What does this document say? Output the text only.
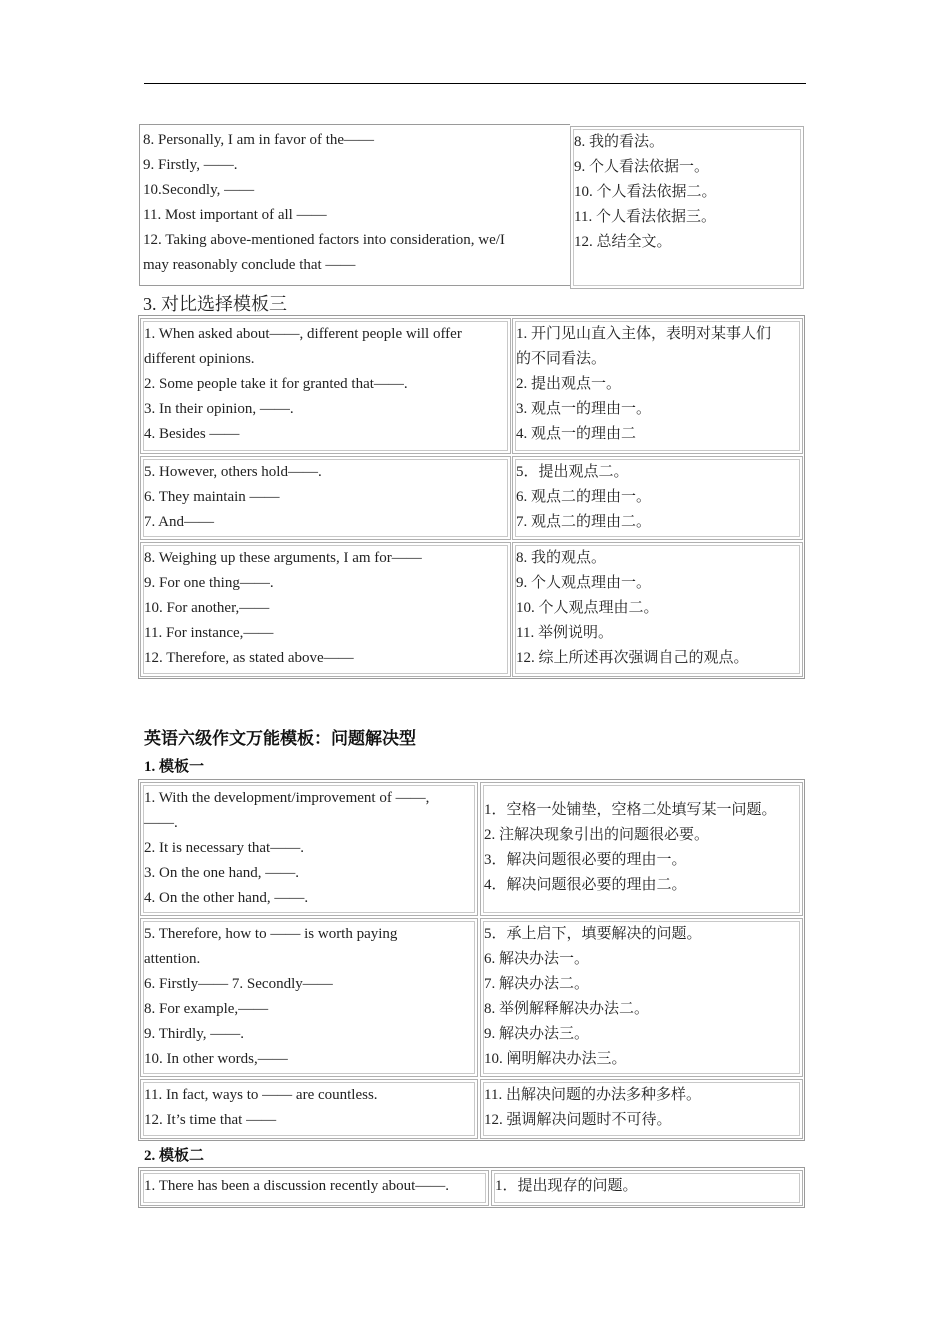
8. Personally, I am in favor of the——
9. Firstly, ——.
10.Secondly, ——
11. Most important of all ——
12. Taking above-mentioned factors into consideration, we/I
may reasonably conclude that ——
8. 我的看法。
9. 个人看法依据一。
10. 个人看法依据二。
11. 个人看法依据三。
12. 总结全文。
3. 对比选择模板三
1. When asked about——, different people will offer
different opinions.
2. Some people take it for granted that——.
3. In their opinion, ——.
4. Besides ——
1. 开门见山直入主体，表明对某事人们
的不同看法。
2. 提出观点一。
3. 观点一的理由一。
4. 观点一的理由二
5. However, others hold——.
6. They maintain ——
7. And——
5．提出观点二。
6. 观点二的理由一。
7. 观点二的理由二。
8. Weighing up these arguments, I am for——
9. For one thing——.
10. For another,——
11. For instance,——
12. Therefore, as stated above——
8. 我的观点。
9. 个人观点理由一。
10. 个人观点理由二。
11. 举例说明。
12. 综上所述再次强调自己的观点。
英语六级作文万能模板：问题解决型
1. 模板一
1. With the development/improvement of ——,
——.
2. It is necessary that——.
3. On the one hand, ——.
4. On the other hand, ——.
1．空格一处铺垫，空格二处填写某一问题。
2. 注解决现象引出的问题很必要。
3．解决问题很必要的理由一。
4．解决问题很必要的理由二。
5. Therefore, how to —— is worth paying
attention.
6. Firstly—— 7. Secondly——
8. For example,——
9. Thirdly, ——.
10. In other words,——
5．承上启下，填要解决的问题。
6. 解决办法一。
7. 解决办法二。
8. 举例解释解决办法二。
9. 解决办法三。
10. 阐明解决办法三。
11. In fact, ways to —— are countless.
12. It’s time that ——
11. 出解决问题的办法多种多样。
12. 强调解决问题时不可待。
2. 模板二
1. There has been a discussion recently about——.	1．提出现存的问题。
